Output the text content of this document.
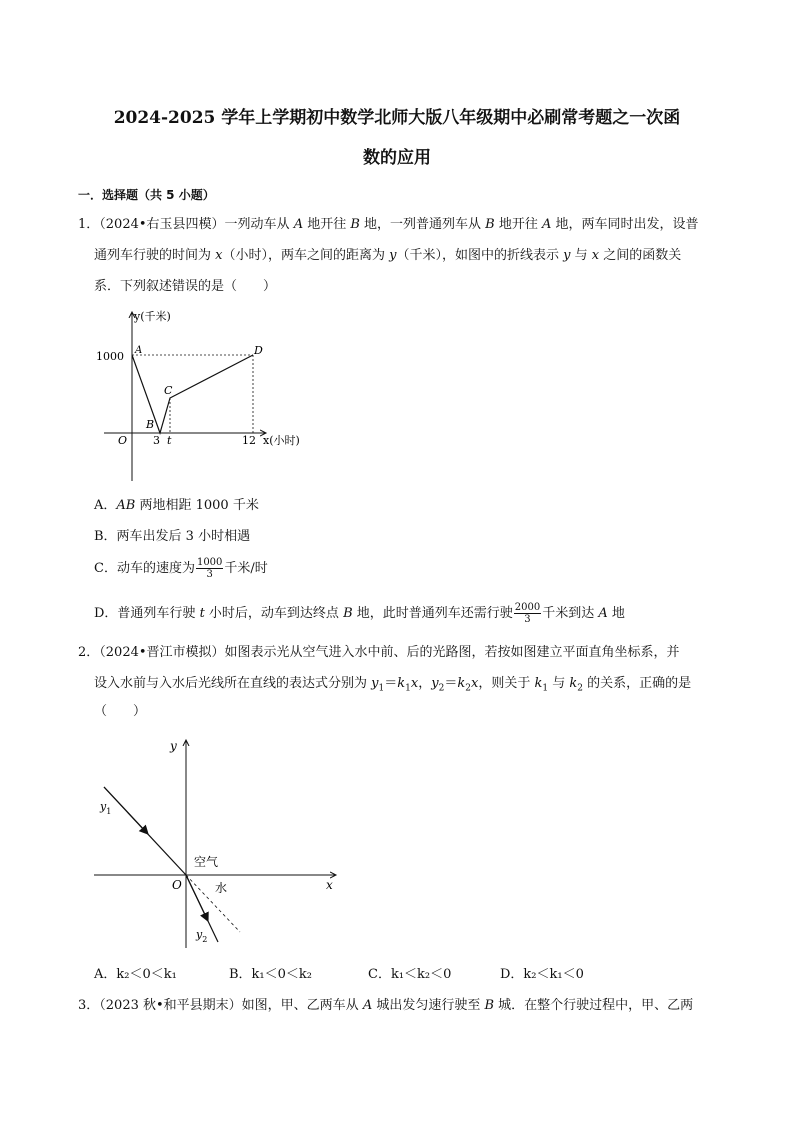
2024-2025 学年上学期初中数学北师大版八年级期中必刷常考题之一次函
数的应用
一．选择题（共 5 小题）
1．（2024•右玉县四模）一列动车从 A 地开往 B 地，一列普通列车从 B 地开往 A 地，两车同时出发，设普
通列车行驶的时间为 x（小时），两车之间的距离为 y（千米），如图中的折线表示 y 与 x 之间的函数关
系．下列叙述错误的是（　　）
y(千米)
x(小时)
1000 A
B
C
D
O 3 t	12
A．AB 两地相距 1000 千米
B．两车出发后 3 小时相遇
C．动车的速度为 $\frac{1000}{3}$ 千米/时
D．普通列车行驶 t 小时后，动车到达终点 B 地，此时普通列车还需行驶 $\frac{2000}{3}$ 千米到达 A 地
2．（2024•晋江市模拟）如图表示光从空气进入水中前、后的光路图，若按如图建立平面直角坐标系，并
设入水前与入水后光线所在直线的表达式分别为 $y_1=k_1x$，$y_2=k_2x$，则关于 $k_1$ 与 $k_2$ 的关系，正确的是
（　　）
y
x
O
空气
水
$y_1$
$y_2$
A．k₂＜0＜k₁	B．k₁＜0＜k₂	C．k₁＜k₂＜0	D．k₂＜k₁＜0
3．（2023 秋•和平县期末）如图，甲、乙两车从 A 城出发匀速行驶至 B 城．在整个行驶过程中，甲、乙两
